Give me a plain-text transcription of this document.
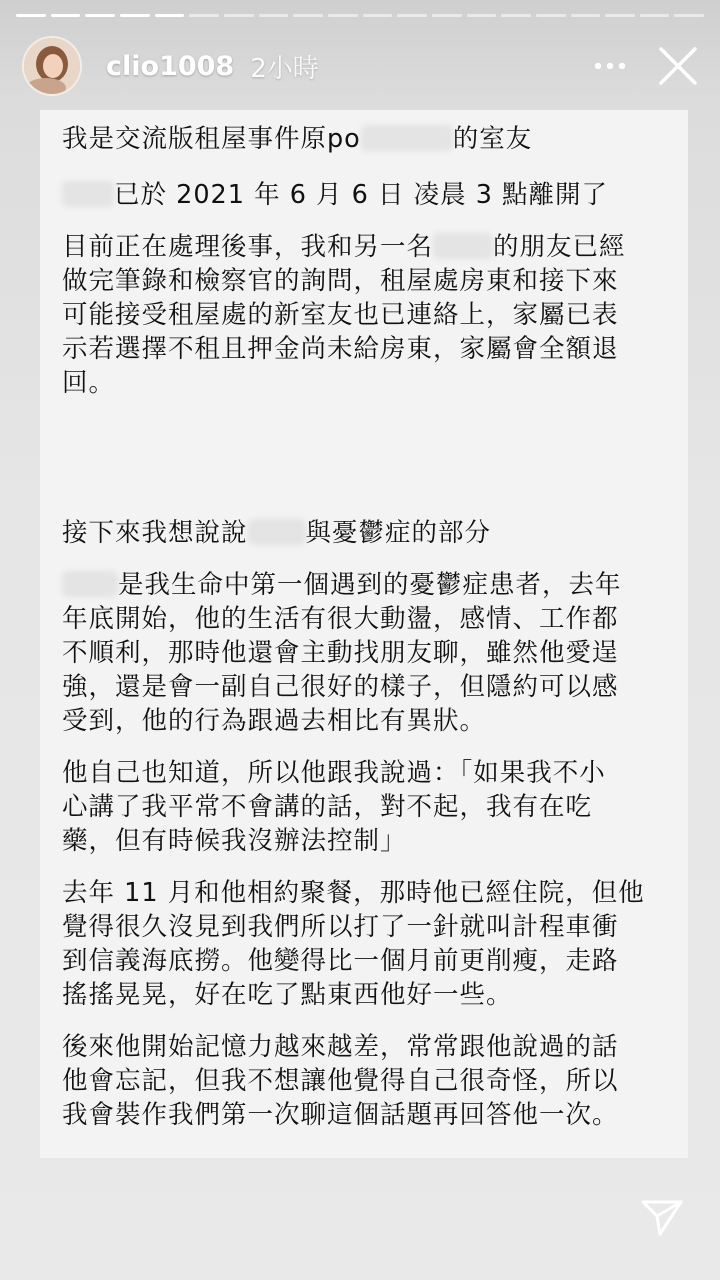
clio1008 2小時

我是交流版租屋事件原po	的室友

已於 2021 年 6 月 6 日 凌晨 3 點離開了

目前正在處理後事，我和另一名 的朋友已經

做完筆錄和檢察官的詢問，租屋處房東和接下來

可能接受租屋處的新室友也已連絡上，家屬已表

示若選擇不租且押金尚未給房東，家屬會全額退

回。

接下來我想說說 與憂鬱症的部分

是我生命中第一個遇到的憂鬱症患者，去年

年底開始，他的生活有很大動盪，感情、工作都

不順利，那時他還會主動找朋友聊，雖然他愛逞

強，還是會一副自己很好的樣子，但隱約可以感

受到，他的行為跟過去相比有異狀。

他自己也知道，所以他跟我說過：「如果我不小

心講了我平常不會講的話，對不起，我有在吃

藥，但有時候我沒辦法控制」

去年 11 月和他相約聚餐，那時他已經住院，但他

覺得很久沒見到我們所以打了一針就叫計程車衝

到信義海底撈。他變得比一個月前更削瘦，走路

搖搖晃晃，好在吃了點東西他好一些。

後來他開始記憶力越來越差，常常跟他說過的話

他會忘記，但我不想讓他覺得自己很奇怪，所以

我會裝作我們第一次聊這個話題再回答他一次。
